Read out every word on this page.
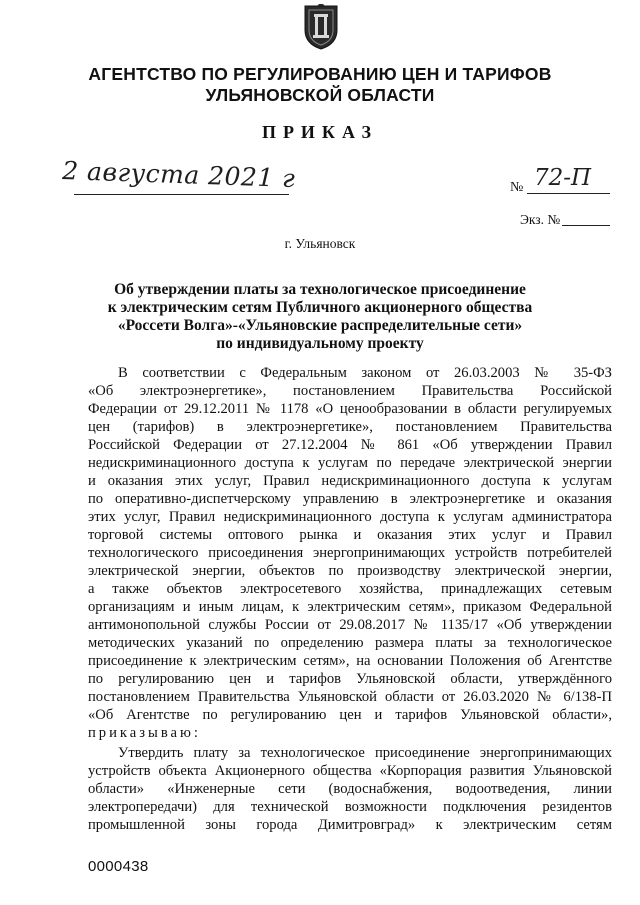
АГЕНТСТВО ПО РЕГУЛИРОВАНИЮ ЦЕН И ТАРИФОВ
УЛЬЯНОВСКОЙ ОБЛАСТИ
ПРИКАЗ
2 августа 2021 г	№ 72-П
Экз. №
г. Ульяновск
Об утверждении платы за технологическое присоединение
к электрическим сетям Публичного акционерного общества
«Россети Волга»-«Ульяновские распределительные сети»
по индивидуальному проекту
В соответствии с Федеральным законом от 26.03.2003 № 35-ФЗ
«Об электроэнергетике», постановлением Правительства Российской
Федерации от 29.12.2011 № 1178 «О ценообразовании в области регулируемых
цен (тарифов) в электроэнергетике», постановлением Правительства
Российской Федерации от 27.12.2004 № 861 «Об утверждении Правил
недискриминационного доступа к услугам по передаче электрической энергии
и оказания этих услуг, Правил недискриминационного доступа к услугам
по оперативно-диспетчерскому управлению в электроэнергетике и оказания
этих услуг, Правил недискриминационного доступа к услугам администратора
торговой системы оптового рынка и оказания этих услуг и Правил
технологического присоединения энергопринимающих устройств потребителей
электрической энергии, объектов по производству электрической энергии,
а также объектов электросетевого хозяйства, принадлежащих сетевым
организациям и иным лицам, к электрическим сетям», приказом Федеральной
антимонопольной службы России от 29.08.2017 № 1135/17 «Об утверждении
методических указаний по определению размера платы за технологическое
присоединение к электрическим сетям», на основании Положения об Агентстве
по регулированию цен и тарифов Ульяновской области, утверждённого
постановлением Правительства Ульяновской области от 26.03.2020 № 6/138-П
«Об Агентстве по регулированию цен и тарифов Ульяновской области»,
приказываю:
Утвердить плату за технологическое присоединение энергопринимающих
устройств объекта Акционерного общества «Корпорация развития Ульяновской
области» «Инженерные сети (водоснабжения, водоотведения, линии
электропередачи) для технической возможности подключения резидентов
промышленной зоны города Димитровград» к электрическим сетям
0000438
